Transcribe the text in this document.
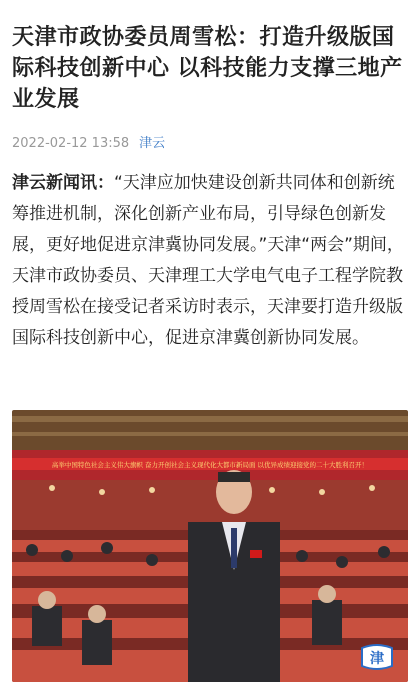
天津市政协委员周雪松：打造升级版国际科技创新中心 以科技能力支撑三地产业发展
2022-02-12 13:58 津云
津云新闻讯：“天津应加快建设创新共同体和创新统筹推进机制，深化创新产业布局，引导绿色创新发展，更好地促进京津冀协同发展。”天津“两会”期间，天津市政协委员、天津理工大学电气电子工程学院教授周雪松在接受记者采访时表示，天津要打造升级版国际科技创新中心，促进京津冀创新协同发展。
高举中国特色社会主义伟大旗帜 奋力开创社会主义现代化大都市新局面 以优异成绩迎接党的二十大胜利召开！
津
